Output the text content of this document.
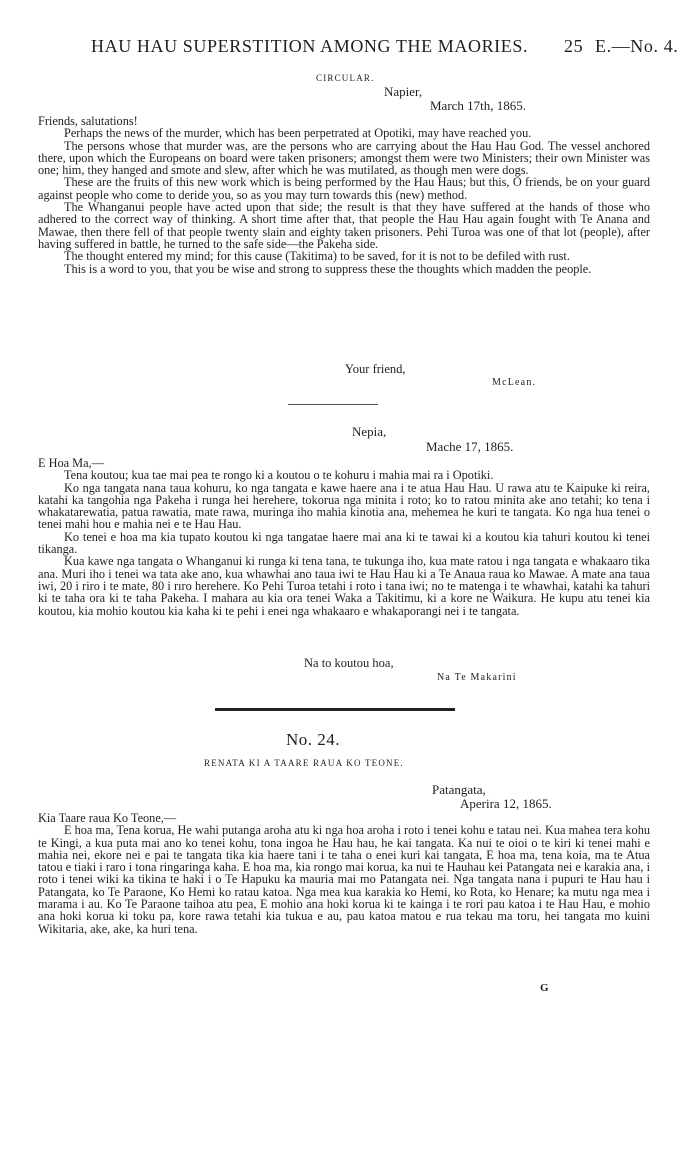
HAU HAU SUPERSTITION AMONG THE MAORIES. 25 E.—No. 4.
CIRCULAR.
Napier,
March 17th, 1865.

Friends, salutations!

Perhaps the news of the murder, which has been perpetrated at Opotiki, may have reached you.

The persons whose that murder was, are the persons who are carrying about the Hau Hau God. The vessel anchored there, upon which the Europeans on board were taken prisoners; amongst them were two Ministers; their own Minister was one; him, they hanged and smote and slew, after which he was mutilated, as though men were dogs.

These are the fruits of this new work which is being performed by the Hau Haus; but this, O friends, be on your guard against people who come to deride you, so as you may turn towards this (new) method.

The Whanganui people have acted upon that side; the result is that they have suffered at the hands of those who adhered to the correct way of thinking. A short time after that, that people the Hau Hau again fought with Te Anana and Mawae, then there fell of that people twenty slain and eighty taken prisoners. Pehi Turoa was one of that lot (people), after having suffered in battle, he turned to the safe side—the Pakeha side.

The thought entered my mind; for this cause (Takitima) to be saved, for it is not to be defiled with rust.

This is a word to you, that you be wise and strong to suppress these the thoughts which madden the people.

Your friend,
McLean.
Nepia,
Mache 17, 1865.

E Hoa Ma,—

Tena koutou; kua tae mai pea te rongo ki a koutou o te kohuru i mahia mai ra i Opotiki.

Ko nga tangata nana taua kohuru, ko nga tangata e kawe haere ana i te atua Hau Hau. U rawa atu te Kaipuke ki reira, katahi ka tangohia nga Pakeha i runga hei herehere, tokorua nga minita i roto; ko to ratou minita ake ano tetahi; ko tena i whakatarewatia, patua rawatia, mate rawa, muringa iho mahia kinotia ana, mehemea he kuri te tangata. Ko nga hua tenei o tenei mahi hou e mahia nei e te Hau Hau.

Ko tenei e hoa ma kia tupato koutou ki nga tangatae haere mai ana ki te tawai ki a koutou kia tahuri koutou ki tenei tikanga.

Kua kawe nga tangata o Whanganui ki runga ki tena tana, te tukunga iho, kua mate ratou i nga tangata e whakaaro tika ana. Muri iho i tenei wa tata ake ano, kua whawhai ano taua iwi te Hau Hau ki a Te Anaua raua ko Mawae. A mate ana taua iwi, 20 i riro i te mate, 80 i rıro herehere. Ko Pehi Turoa tetahi i roto i tana iwi; no te matenga i te whawhai, katahi ka tahuri ki te taha ora ki te taha Pakeha. I mahara au kia ora tenei Waka a Takitimu, ki a kore ne Waikura. He kupu atu tenei kia koutou, kia mohio koutou kia kaha ki te pehi i enei nga whakaaro e whakaporangi nei i te tangata.

Na to koutou hoa,
Na Te Makarini
No. 24.
RENATA KI A TAARE RAUA KO TEONE.
Patangata,
Aperira 12, 1865.

Kia Taare raua Ko Teone,—

E hoa ma, Tena korua, He wahi putanga aroha atu ki nga hoa aroha i roto i tenei kohu e tatau nei. Kua mahea tera kohu te Kingi, a kua puta mai ano ko tenei kohu, tona ingoa he Hau hau, he kai tangata. Ka nui te oioi o te kiri ki tenei mahi e mahia nei, ekore nei e pai te tangata tika kia haere tani i te taha o enei kuri kai tangata, E hoa ma, tena koia, ma te Atua tatou e tiaki i raro i tona ringaringa kaha. E hoa ma, kia rongo mai korua, ka nui te Hauhau kei Patangata nei e karakia ana, i roto i tenei wiki ka tikina te haki i o Te Hapuku ka mauria mai mo Patangata nei. Nga tangata nana i pupuri te Hau hau i Patangata, ko Te Paraone, Ko Hemi ko ratau katoa. Nga mea kua karakia ko Hemi, ko Rota, ko Henare; ka mutu nga mea i marama i au. Ko Te Paraone taihoa atu pea, E mohio ana hoki korua ki te kainga i te rori pau katoa i te Hau Hau, e mohio ana hoki korua ki toku pa, kore rawa tetahi kia tukua e au, pau katoa matou e rua tekau ma toru, hei tangata mo kuini Wikitaria, ake, ake, ka huri tena.

G
